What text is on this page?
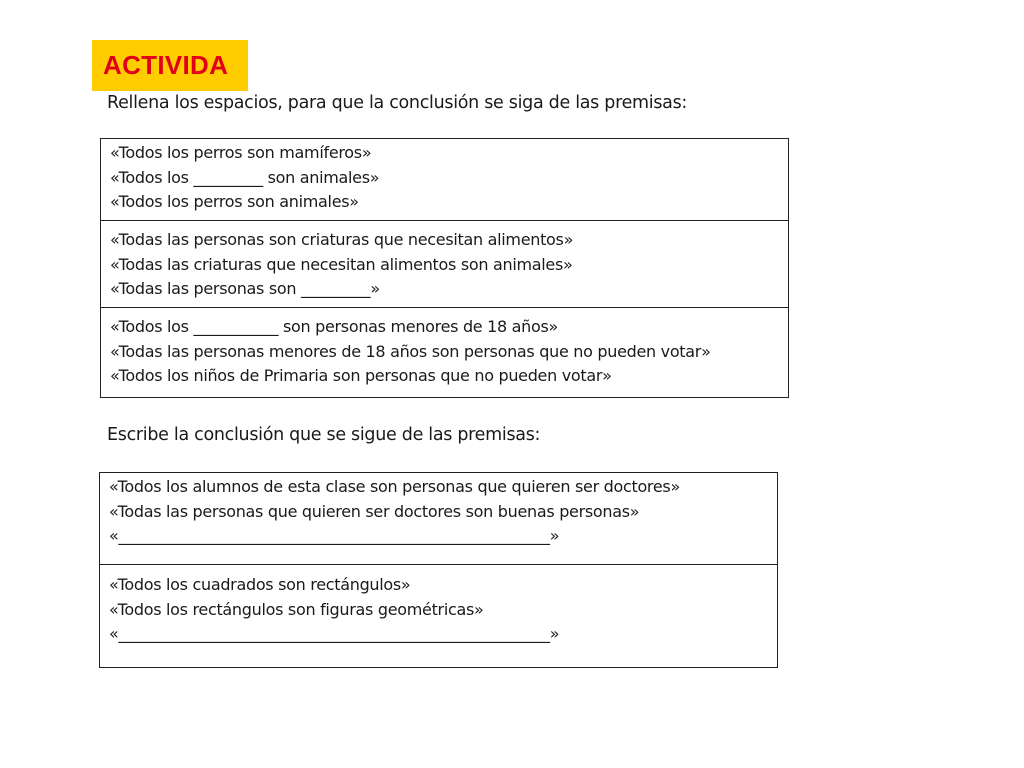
ACTIVIDA
Rellena los espacios, para que la conclusión se siga de las premisas:
«Todos los perros son mamíferos»
«Todos los _________ son animales»
«Todos los perros son animales»
«Todas las personas son criaturas que necesitan alimentos»
«Todas las criaturas que necesitan alimentos son animales»
«Todas las personas son _________»
«Todos los ___________ son personas menores de 18 años»
«Todas las personas menores de 18 años son personas que no pueden votar»
«Todos los niños de Primaria son personas que no pueden votar»
Escribe la conclusión que se sigue de las premisas:
«Todos los alumnos de esta clase son personas que quieren ser doctores»
«Todas las personas que quieren ser doctores son buenas personas»
«________________________________________________________»
«Todos los cuadrados son rectángulos»
«Todos los rectángulos son figuras geométricas»
«________________________________________________________»
